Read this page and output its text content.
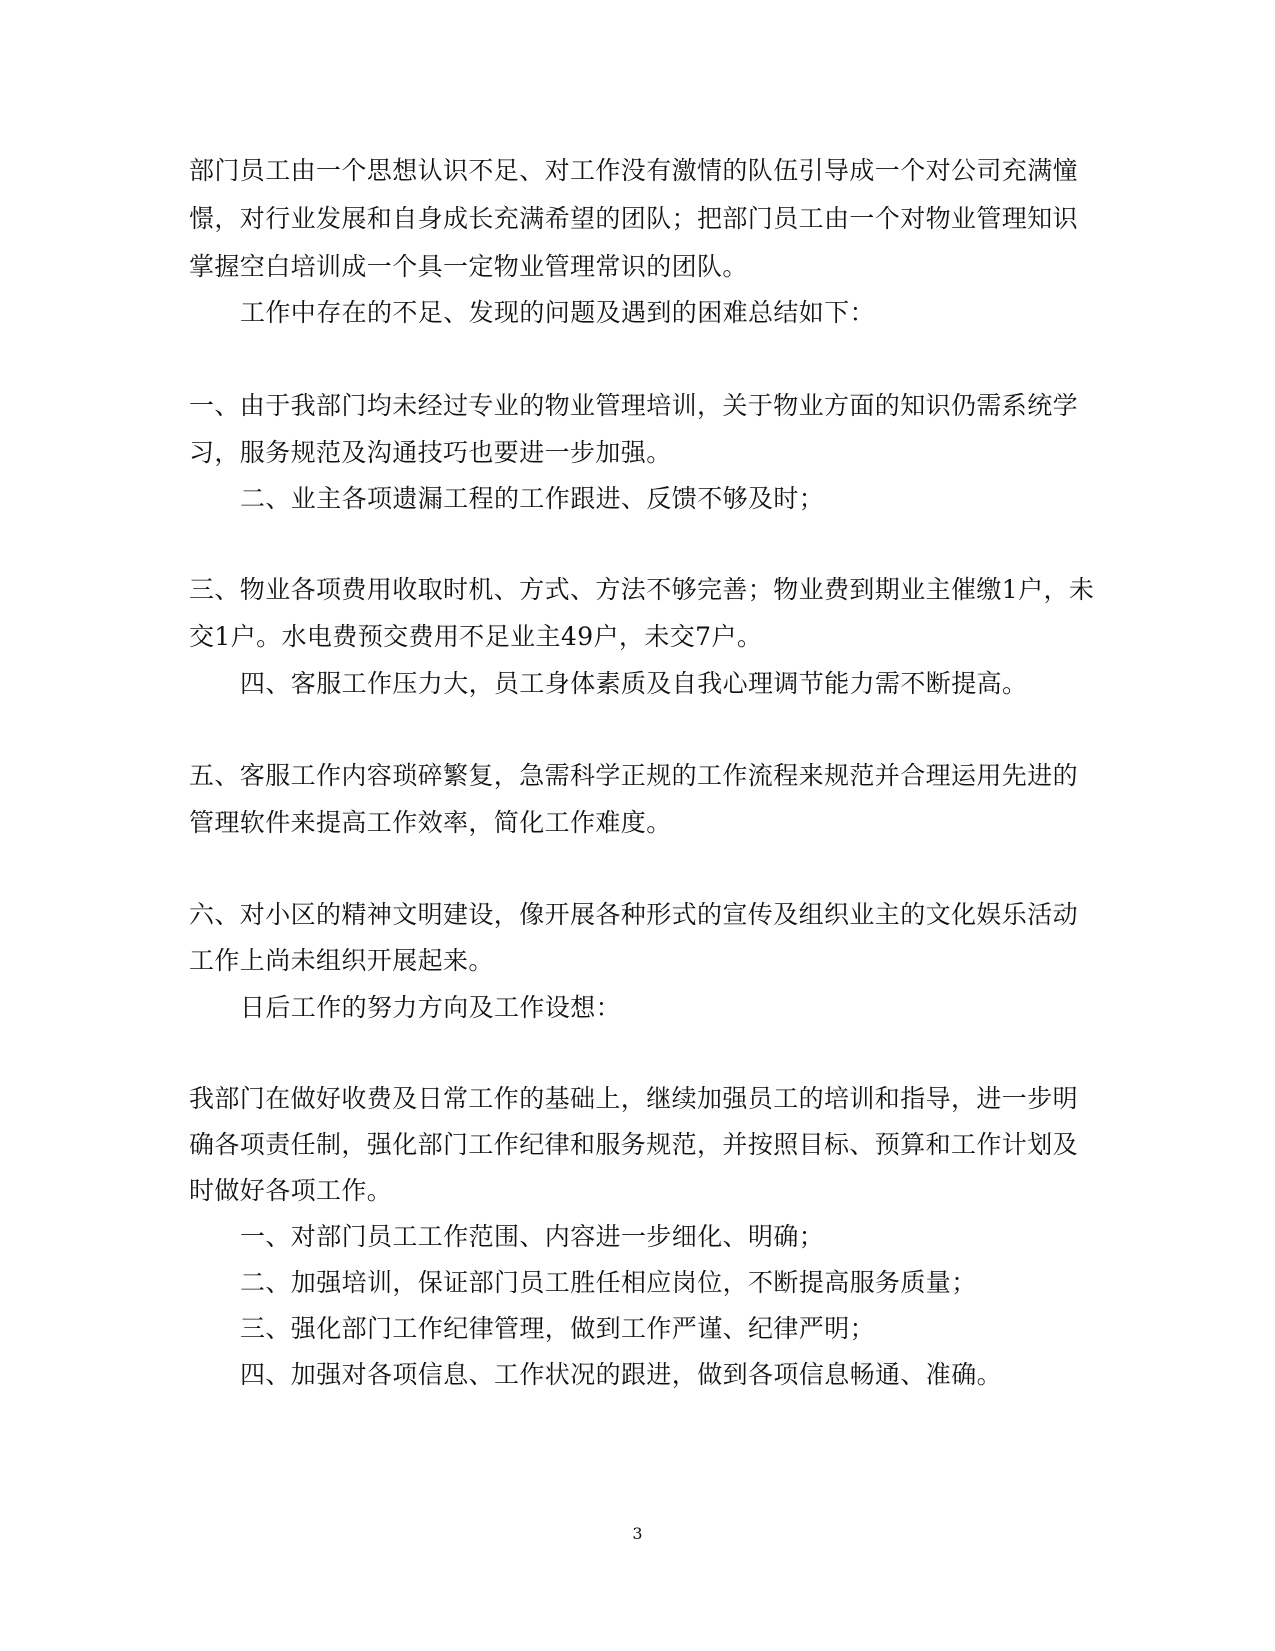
部门员工由一个思想认识不足、对工作没有激情的队伍引导成一个对公司充满憧
憬，对行业发展和自身成长充满希望的团队；把部门员工由一个对物业管理知识
掌握空白培训成一个具一定物业管理常识的团队。
工作中存在的不足、发现的问题及遇到的困难总结如下：
一、由于我部门均未经过专业的物业管理培训，关于物业方面的知识仍需系统学
习，服务规范及沟通技巧也要进一步加强。
二、业主各项遗漏工程的工作跟进、反馈不够及时；
三、物业各项费用收取时机、方式、方法不够完善；物业费到期业主催缴1户，未
交1户。水电费预交费用不足业主49户，未交7户。
四、客服工作压力大，员工身体素质及自我心理调节能力需不断提高。
五、客服工作内容琐碎繁复，急需科学正规的工作流程来规范并合理运用先进的
管理软件来提高工作效率，简化工作难度。
六、对小区的精神文明建设，像开展各种形式的宣传及组织业主的文化娱乐活动
工作上尚未组织开展起来。
日后工作的努力方向及工作设想：
我部门在做好收费及日常工作的基础上，继续加强员工的培训和指导，进一步明
确各项责任制，强化部门工作纪律和服务规范，并按照目标、预算和工作计划及
时做好各项工作。
一、对部门员工工作范围、内容进一步细化、明确；
二、加强培训，保证部门员工胜任相应岗位，不断提高服务质量；
三、强化部门工作纪律管理，做到工作严谨、纪律严明；
四、加强对各项信息、工作状况的跟进，做到各项信息畅通、准确。
3
